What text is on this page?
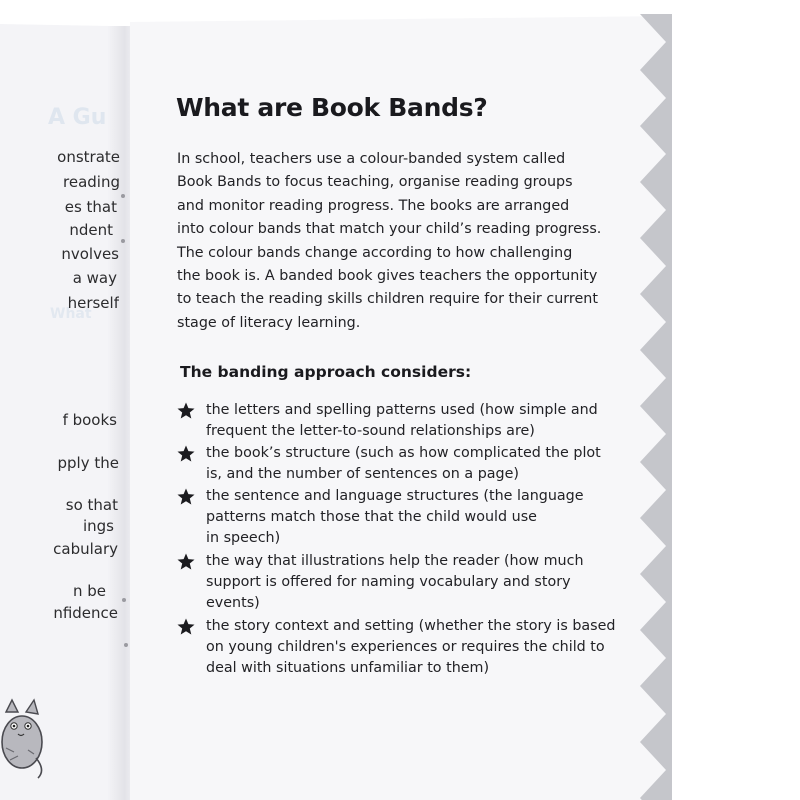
A Gu
What
onstrate
reading
es that
ndent
nvolves
a way
herself
f books
pply the
so that
ings
cabulary
n be
nfidence
What are Book Bands?
In school, teachers use a colour-banded system called
Book Bands to focus teaching, organise reading groups
and monitor reading progress. The books are arranged
into colour bands that match your child’s reading progress.
The colour bands change according to how challenging
the book is. A banded book gives teachers the opportunity
to teach the reading skills children require for their current
stage of literacy learning.
The banding approach considers:
the letters and spelling patterns used (how simple and
frequent the letter-to-sound relationships are)
the book’s structure (such as how complicated the plot
is, and the number of sentences on a page)
the sentence and language structures (the language
patterns match those that the child would use
in speech)
the way that illustrations help the reader (how much
support is offered for naming vocabulary and story
events)
the story context and setting (whether the story is based
on young children's experiences or requires the child to
deal with situations unfamiliar to them)
